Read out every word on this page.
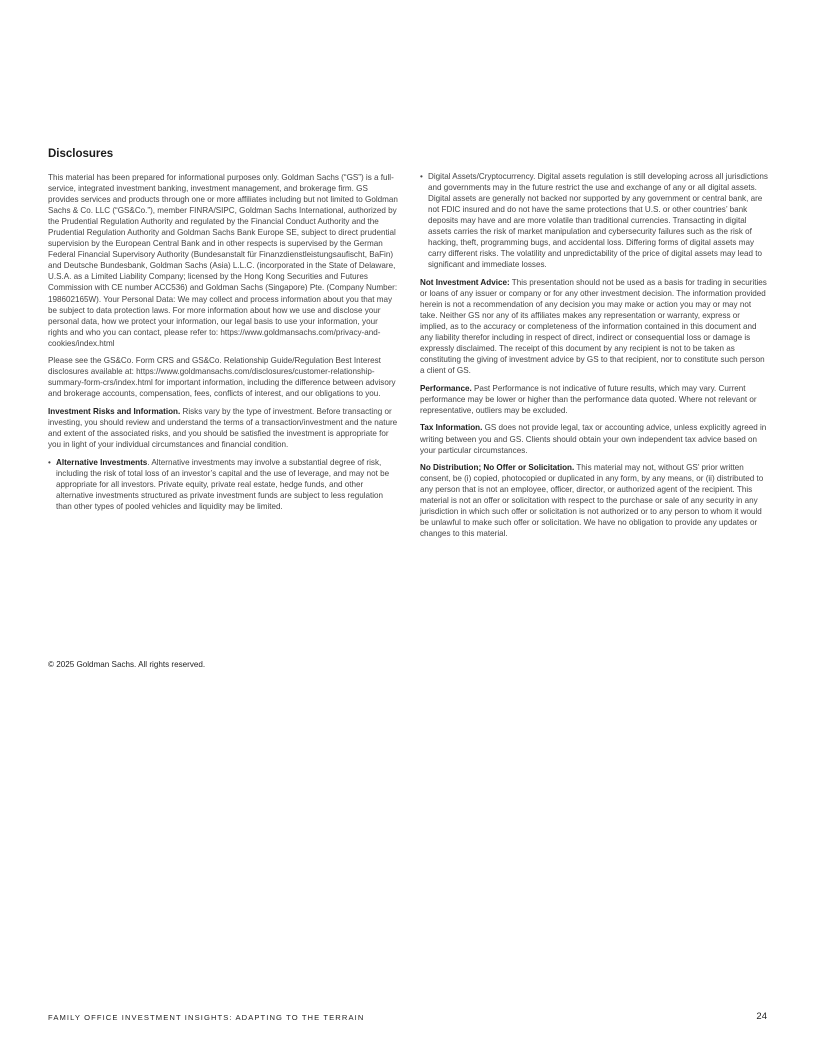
Disclosures

This material has been prepared for informational purposes only. Goldman Sachs (“GS”) is a full-service, integrated investment banking, investment management, and brokerage firm. GS provides services and products through one or more affiliates including but not limited to Goldman Sachs & Co. LLC (“GS&Co.”), member FINRA/SIPC, Goldman Sachs International, authorized by the Prudential Regulation Authority and regulated by the Financial Conduct Authority and the Prudential Regulation Authority and Goldman Sachs Bank Europe SE, subject to direct prudential supervision by the European Central Bank and in other respects is supervised by the German Federal Financial Supervisory Authority (Bundesanstalt für Finanzdienstleistungsaufischt, BaFin) and Deutsche Bundesbank, Goldman Sachs (Asia) L.L.C. (incorporated in the State of Delaware, U.S.A. as a Limited Liability Company; licensed by the Hong Kong Securities and Futures Commission with CE number ACC536) and Goldman Sachs (Singapore) Pte. (Company Number: 198602165W). Your Personal Data: We may collect and process information about you that may be subject to data protection laws. For more information about how we use and disclose your personal data, how we protect your information, our legal basis to use your information, your rights and who you can contact, please refer to: https://www.goldmansachs.com/privacy-and-cookies/index.html

Please see the GS&Co. Form CRS and GS&Co. Relationship Guide/Regulation Best Interest disclosures available at: https://www.goldmansachs.com/disclosures/customer-relationship-summary-form-crs/index.html for important information, including the difference between advisory and brokerage accounts, compensation, fees, conflicts of interest, and our obligations to you.

Investment Risks and Information. Risks vary by the type of investment. Before transacting or investing, you should review and understand the terms of a transaction/investment and the nature and extent of the associated risks, and you should be satisfied the investment is appropriate for you in light of your individual circumstances and financial condition.

• Alternative Investments. Alternative investments may involve a substantial degree of risk, including the risk of total loss of an investor’s capital and the use of leverage, and may not be appropriate for all investors. Private equity, private real estate, hedge funds, and other alternative investments structured as private investment funds are subject to less regulation than other types of pooled vehicles and liquidity may be limited.
• Digital Assets/Cryptocurrency. Digital assets regulation is still developing across all jurisdictions and governments may in the future restrict the use and exchange of any or all digital assets. Digital assets are generally not backed nor supported by any government or central bank, are not FDIC insured and do not have the same protections that U.S. or other countries’ bank deposits may have and are more volatile than traditional currencies. Transacting in digital assets carries the risk of market manipulation and cybersecurity failures such as the risk of hacking, theft, programming bugs, and accidental loss. Differing forms of digital assets may carry different risks. The volatility and unpredictability of the price of digital assets may lead to significant and immediate losses.

Not Investment Advice: This presentation should not be used as a basis for trading in securities or loans of any issuer or company or for any other investment decision. The information provided herein is not a recommendation of any decision you may make or action you may or may not take. Neither GS nor any of its affiliates makes any representation or warranty, express or implied, as to the accuracy or completeness of the information contained in this document and any liability therefor including in respect of direct, indirect or consequential loss or damage is expressly disclaimed. The receipt of this document by any recipient is not to be taken as constituting the giving of investment advice by GS to that recipient, nor to constitute such person a client of GS.

Performance. Past Performance is not indicative of future results, which may vary. Current performance may be lower or higher than the performance data quoted. Where not relevant or representative, outliers may be excluded.

Tax Information. GS does not provide legal, tax or accounting advice, unless explicitly agreed in writing between you and GS. Clients should obtain your own independent tax advice based on your particular circumstances.

No Distribution; No Offer or Solicitation. This material may not, without GS’ prior written consent, be (i) copied, photocopied or duplicated in any form, by any means, or (ii) distributed to any person that is not an employee, officer, director, or authorized agent of the recipient. This material is not an offer or solicitation with respect to the purchase or sale of any security in any jurisdiction in which such offer or solicitation is not authorized or to any person to whom it would be unlawful to make such offer or solicitation. We have no obligation to provide any updates or changes to this material.

© 2025 Goldman Sachs. All rights reserved.

FAMILY OFFICE INVESTMENT INSIGHTS: ADAPTING TO THE TERRAIN	24
